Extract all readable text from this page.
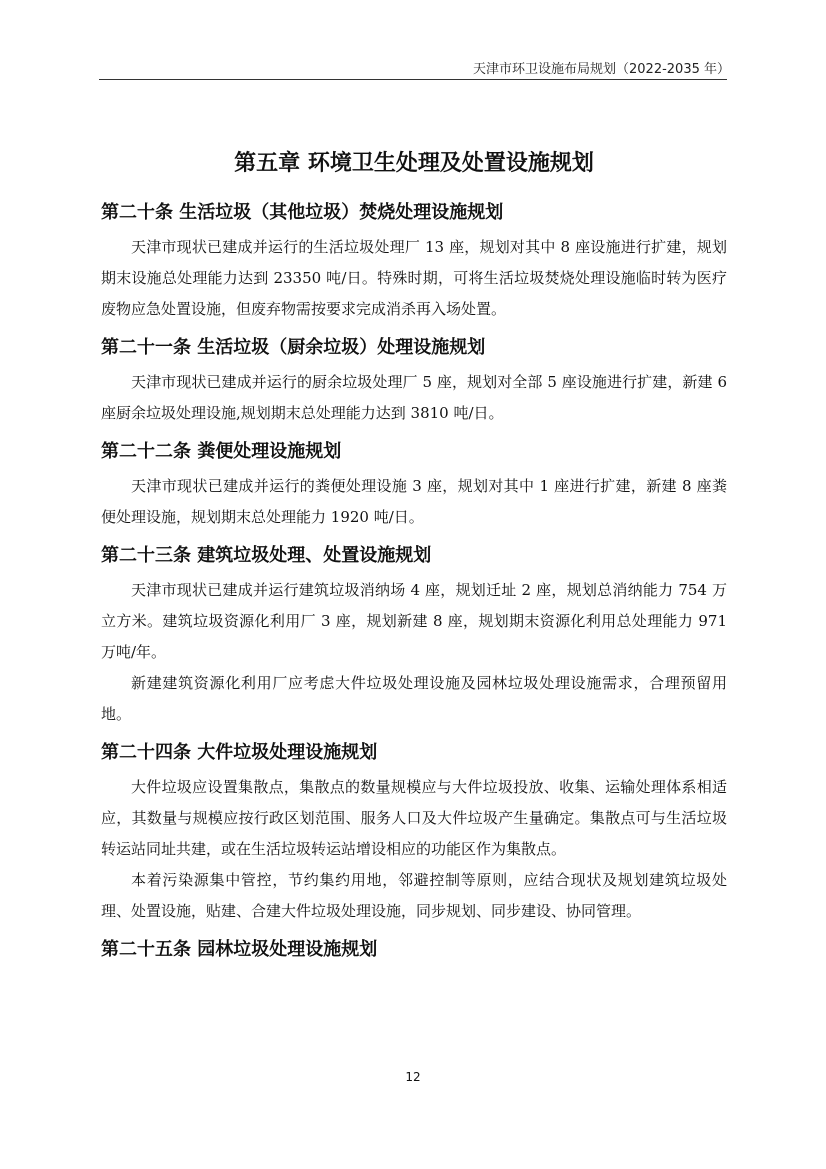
天津市环卫设施布局规划（2022-2035 年）
第五章 环境卫生处理及处置设施规划
第二十条 生活垃圾（其他垃圾）焚烧处理设施规划

天津市现状已建成并运行的生活垃圾处理厂 13 座，规划对其中 8 座设施进行扩建，规划期末设施总处理能力达到 23350 吨/日。特殊时期，可将生活垃圾焚烧处理设施临时转为医疗废物应急处置设施，但废弃物需按要求完成消杀再入场处置。

第二十一条 生活垃圾（厨余垃圾）处理设施规划

天津市现状已建成并运行的厨余垃圾处理厂 5 座，规划对全部 5 座设施进行扩建，新建 6 座厨余垃圾处理设施,规划期末总处理能力达到 3810 吨/日。

第二十二条 粪便处理设施规划

天津市现状已建成并运行的粪便处理设施 3 座，规划对其中 1 座进行扩建，新建 8 座粪便处理设施，规划期末总处理能力 1920 吨/日。

第二十三条 建筑垃圾处理、处置设施规划

天津市现状已建成并运行建筑垃圾消纳场 4 座，规划迁址 2 座，规划总消纳能力 754 万立方米。建筑垃圾资源化利用厂 3 座，规划新建 8 座，规划期末资源化利用总处理能力 971 万吨/年。

新建建筑资源化利用厂应考虑大件垃圾处理设施及园林垃圾处理设施需求，合理预留用地。

第二十四条 大件垃圾处理设施规划

大件垃圾应设置集散点，集散点的数量规模应与大件垃圾投放、收集、运输处理体系相适应，其数量与规模应按行政区划范围、服务人口及大件垃圾产生量确定。集散点可与生活垃圾转运站同址共建，或在生活垃圾转运站增设相应的功能区作为集散点。

本着污染源集中管控，节约集约用地，邻避控制等原则，应结合现状及规划建筑垃圾处理、处置设施，贴建、合建大件垃圾处理设施，同步规划、同步建设、协同管理。

第二十五条 园林垃圾处理设施规划
12
